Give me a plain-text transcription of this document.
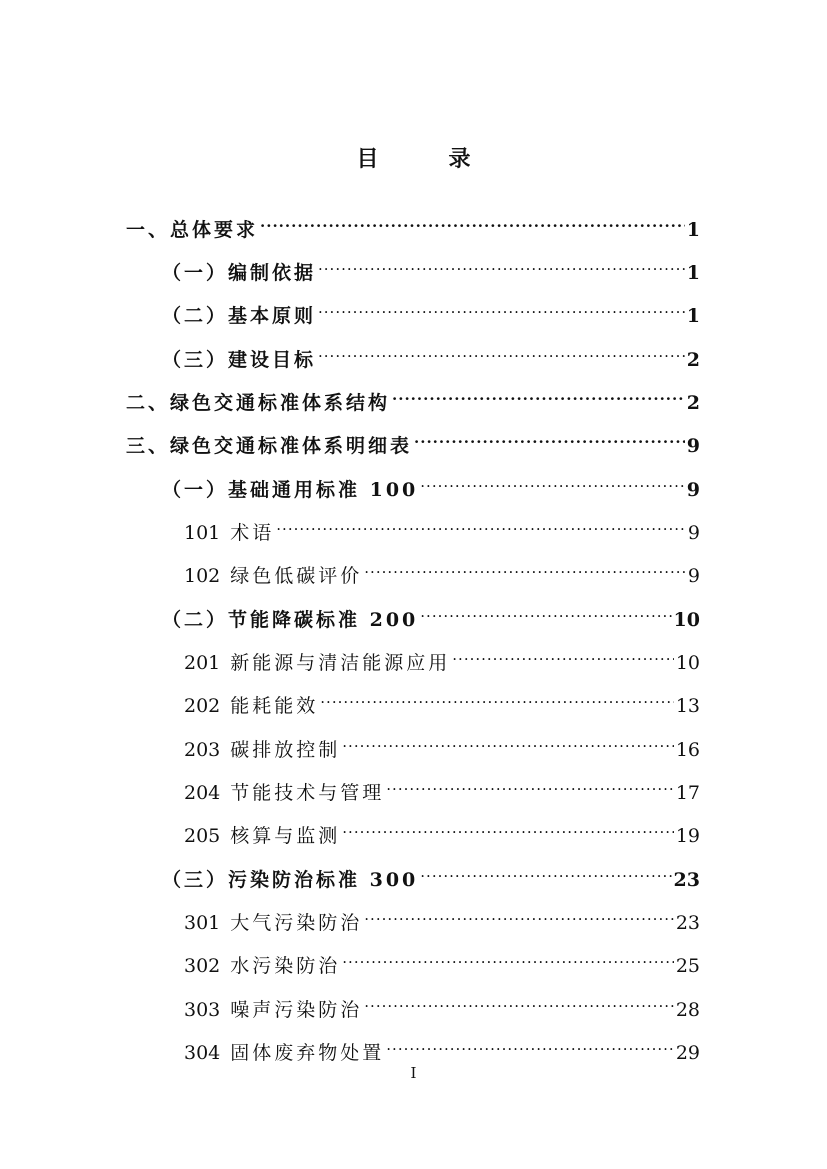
目　录
一、总体要求 .....	1
（一）编制依据 .....	1
（二）基本原则 .....	1
（三）建设目标 .....	2
二、绿色交通标准体系结构 .....	2
三、绿色交通标准体系明细表 .....	9
（一）基础通用标准 100 .....	9
101 术语 .....	9
102 绿色低碳评价 .....	9
（二）节能降碳标准 200 .....	10
201 新能源与清洁能源应用 .....	10
202 能耗能效 .....	13
203 碳排放控制 .....	16
204 节能技术与管理 .....	17
205 核算与监测 .....	19
（三）污染防治标准 300 .....	23
301 大气污染防治 .....	23
302 水污染防治 .....	25
303 噪声污染防治 .....	28
304 固体废弃物处置 .....	29
I
